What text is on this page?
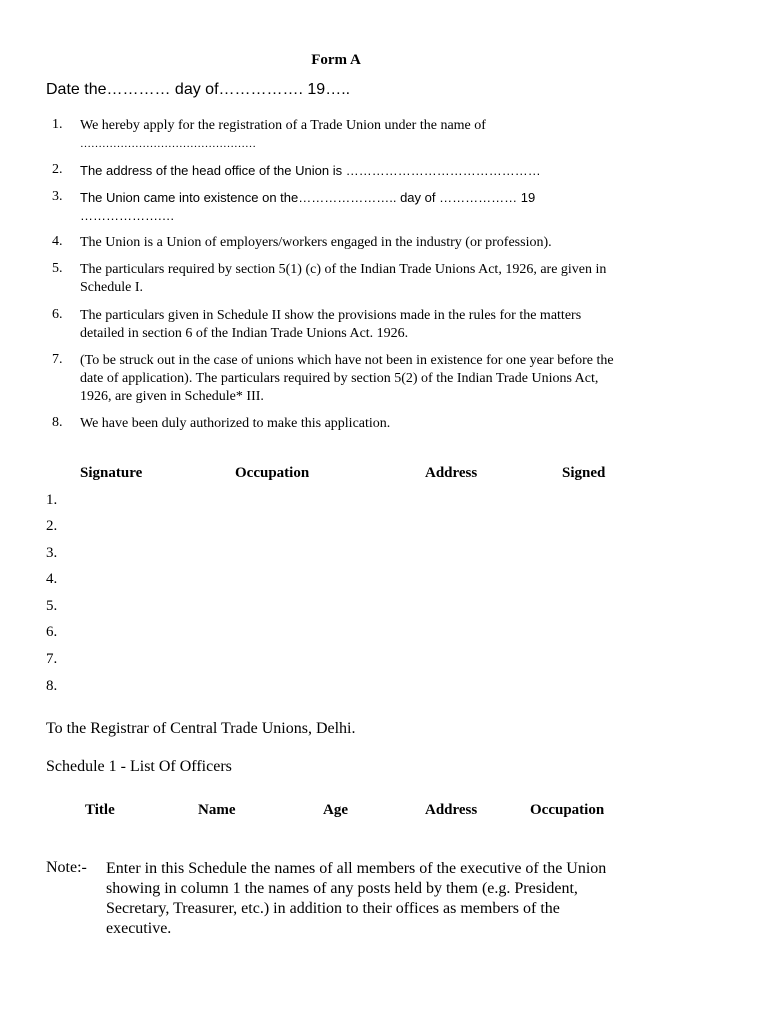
Form A
Date the………… day of……………. 19…..
1. We hereby apply for the registration of a Trade Union under the name of
…………………………………………
2. The address of the head office of the Union is ………………………………………
3. The Union came into existence on the………………….. day of ……………… 19
……………….…
4. The Union is a Union of employers/workers engaged in the industry (or profession).
5. The particulars required by section 5(1) (c) of the Indian Trade Unions Act, 1926, are given in Schedule I.
6. The particulars given in Schedule II show the provisions made in the rules for the matters detailed in section 6 of the Indian Trade Unions Act. 1926.
7. (To be struck out in the case of unions which have not been in existence for one year before the date of application). The particulars required by section 5(2) of the Indian Trade Unions Act, 1926, are given in Schedule* III.
8. We have been duly authorized to make this application.
Signature	Occupation	Address	Signed
1.
2.
3.
4.
5.
6.
7.
8.
To the Registrar of Central Trade Unions, Delhi.
Schedule 1 - List Of Officers
Title	Name	Age	Address	Occupation
Note:- Enter in this Schedule the names of all members of the executive of the Union showing in column 1 the names of any posts held by them (e.g. President, Secretary, Treasurer, etc.) in addition to their offices as members of the executive.
